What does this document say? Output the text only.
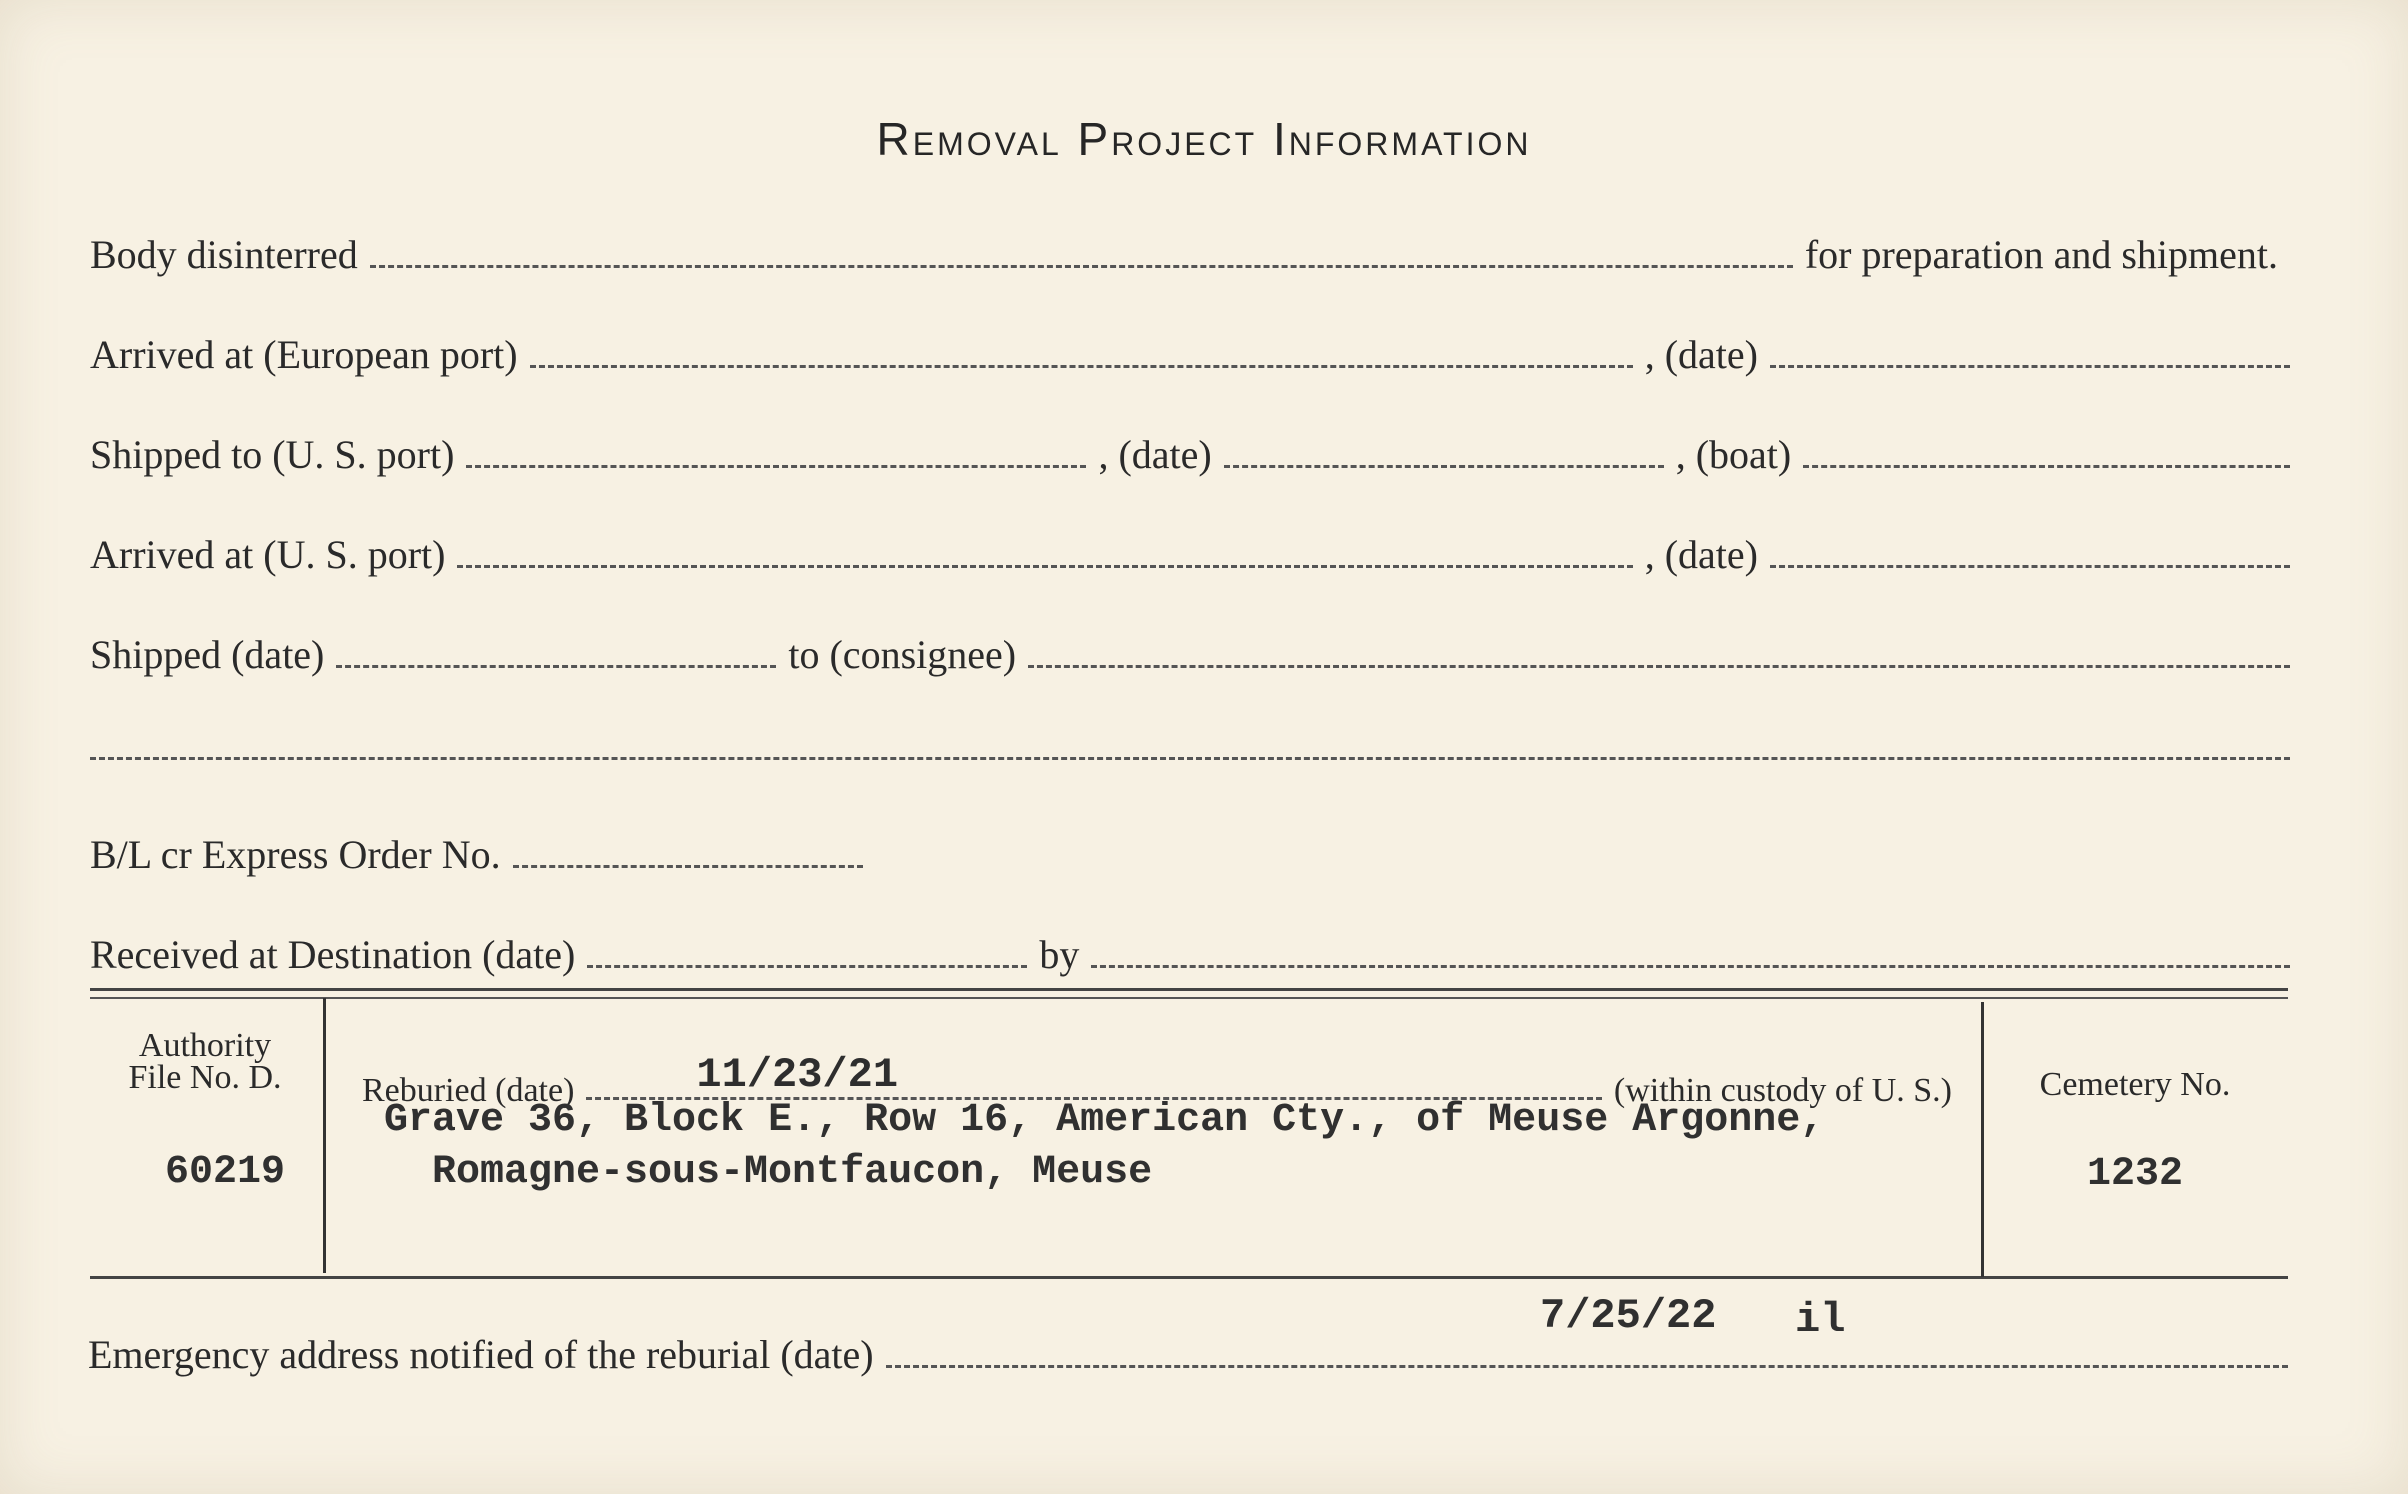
Removal Project Information
Body disinterred	for preparation and shipment.
Arrived at (European port)	, (date)
Shipped to (U. S. port)	, (date)	, (boat)
Arrived at (U. S. port)	, (date)
Shipped (date)	to (consignee)
B/L cr Express Order No.
Received at Destination (date)	by
Authority
File No. D.
60219
Reburied (date)	11/23/21	(within custody of U. S.)
Grave 36, Block E., Row 16, American Cty., of Meuse Argonne,
Romagne-sous-Montfaucon, Meuse
Cemetery No.
1232
7/25/22 il
Emergency address notified of the reburial (date)
